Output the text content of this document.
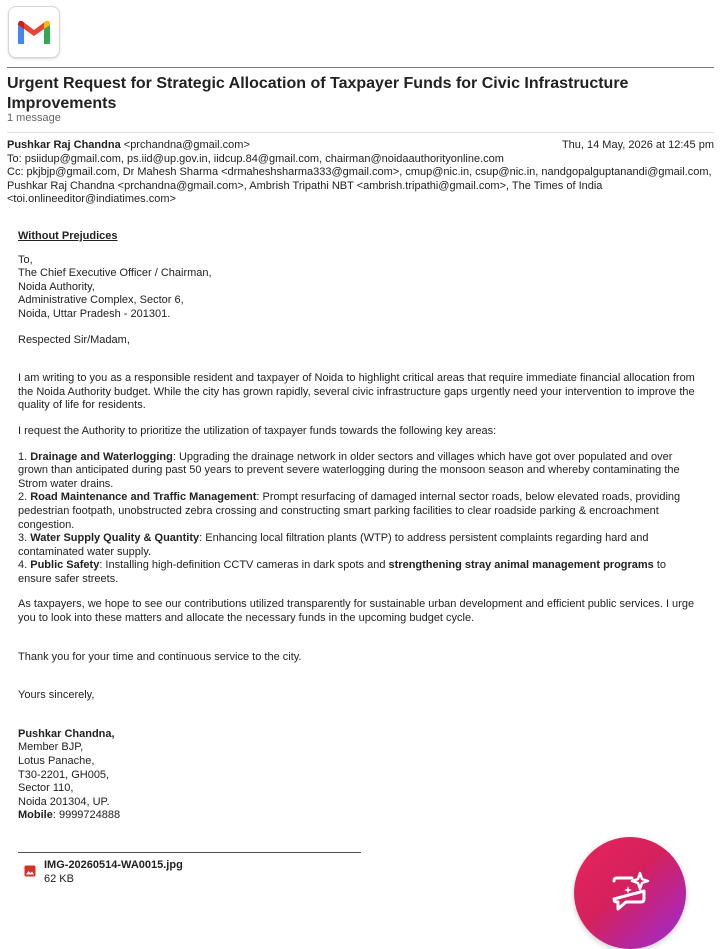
Urgent Request for Strategic Allocation of Taxpayer Funds for Civic Infrastructure Improvements
1 message
Pushkar Raj Chandna <prchandna@gmail.com>	Thu, 14 May, 2026 at 12:45 pm
To: psiidup@gmail.com, ps.iid@up.gov.in, iidcup.84@gmail.com, chairman@noidaauthorityonline.com
Cc: pkjbjp@gmail.com, Dr Mahesh Sharma <drmaheshsharma333@gmail.com>, cmup@nic.in, csup@nic.in, nandgopalguptanandi@gmail.com, Pushkar Raj Chandna <prchandna@gmail.com>, Ambrish Tripathi NBT <ambrish.tripathi@gmail.com>, The Times of India <toi.onlineeditor@indiatimes.com>

Without Prejudices

To,

The Chief Executive Officer / Chairman,

Noida Authority,

Administrative Complex, Sector 6,

Noida, Uttar Pradesh - 201301.

Respected Sir/Madam,

I am writing to you as a responsible resident and taxpayer of Noida to highlight critical areas that require immediate financial allocation from the Noida Authority budget. While the city has grown rapidly, several civic infrastructure gaps urgently need your intervention to improve the quality of life for residents.

I request the Authority to prioritize the utilization of taxpayer funds towards the following key areas:

1. Drainage and Waterlogging: Upgrading the drainage network in older sectors and villages which have got over populated and over grown than anticipated during past 50 years to prevent severe waterlogging during the monsoon season and whereby contaminating the Strom water drains.

2. Road Maintenance and Traffic Management: Prompt resurfacing of damaged internal sector roads, below elevated roads, providing pedestrian footpath, unobstructed zebra crossing and constructing smart parking facilities to clear roadside parking & encroachment congestion.

3. Water Supply Quality & Quantity: Enhancing local filtration plants (WTP) to address persistent complaints regarding hard and contaminated water supply.

4. Public Safety: Installing high-definition CCTV cameras in dark spots and strengthening stray animal management programs to ensure safer streets.

As taxpayers, we hope to see our contributions utilized transparently for sustainable urban development and efficient public services. I urge you to look into these matters and allocate the necessary funds in the upcoming budget cycle.

Thank you for your time and continuous service to the city.

Yours sincerely,

Pushkar Chandna,

Member BJP,

Lotus Panache,

T30-2201, GH005,

Sector 110,

Noida 201304, UP.

Mobile: 9999724888

IMG-20260514-WA0015.jpg
62 KB
